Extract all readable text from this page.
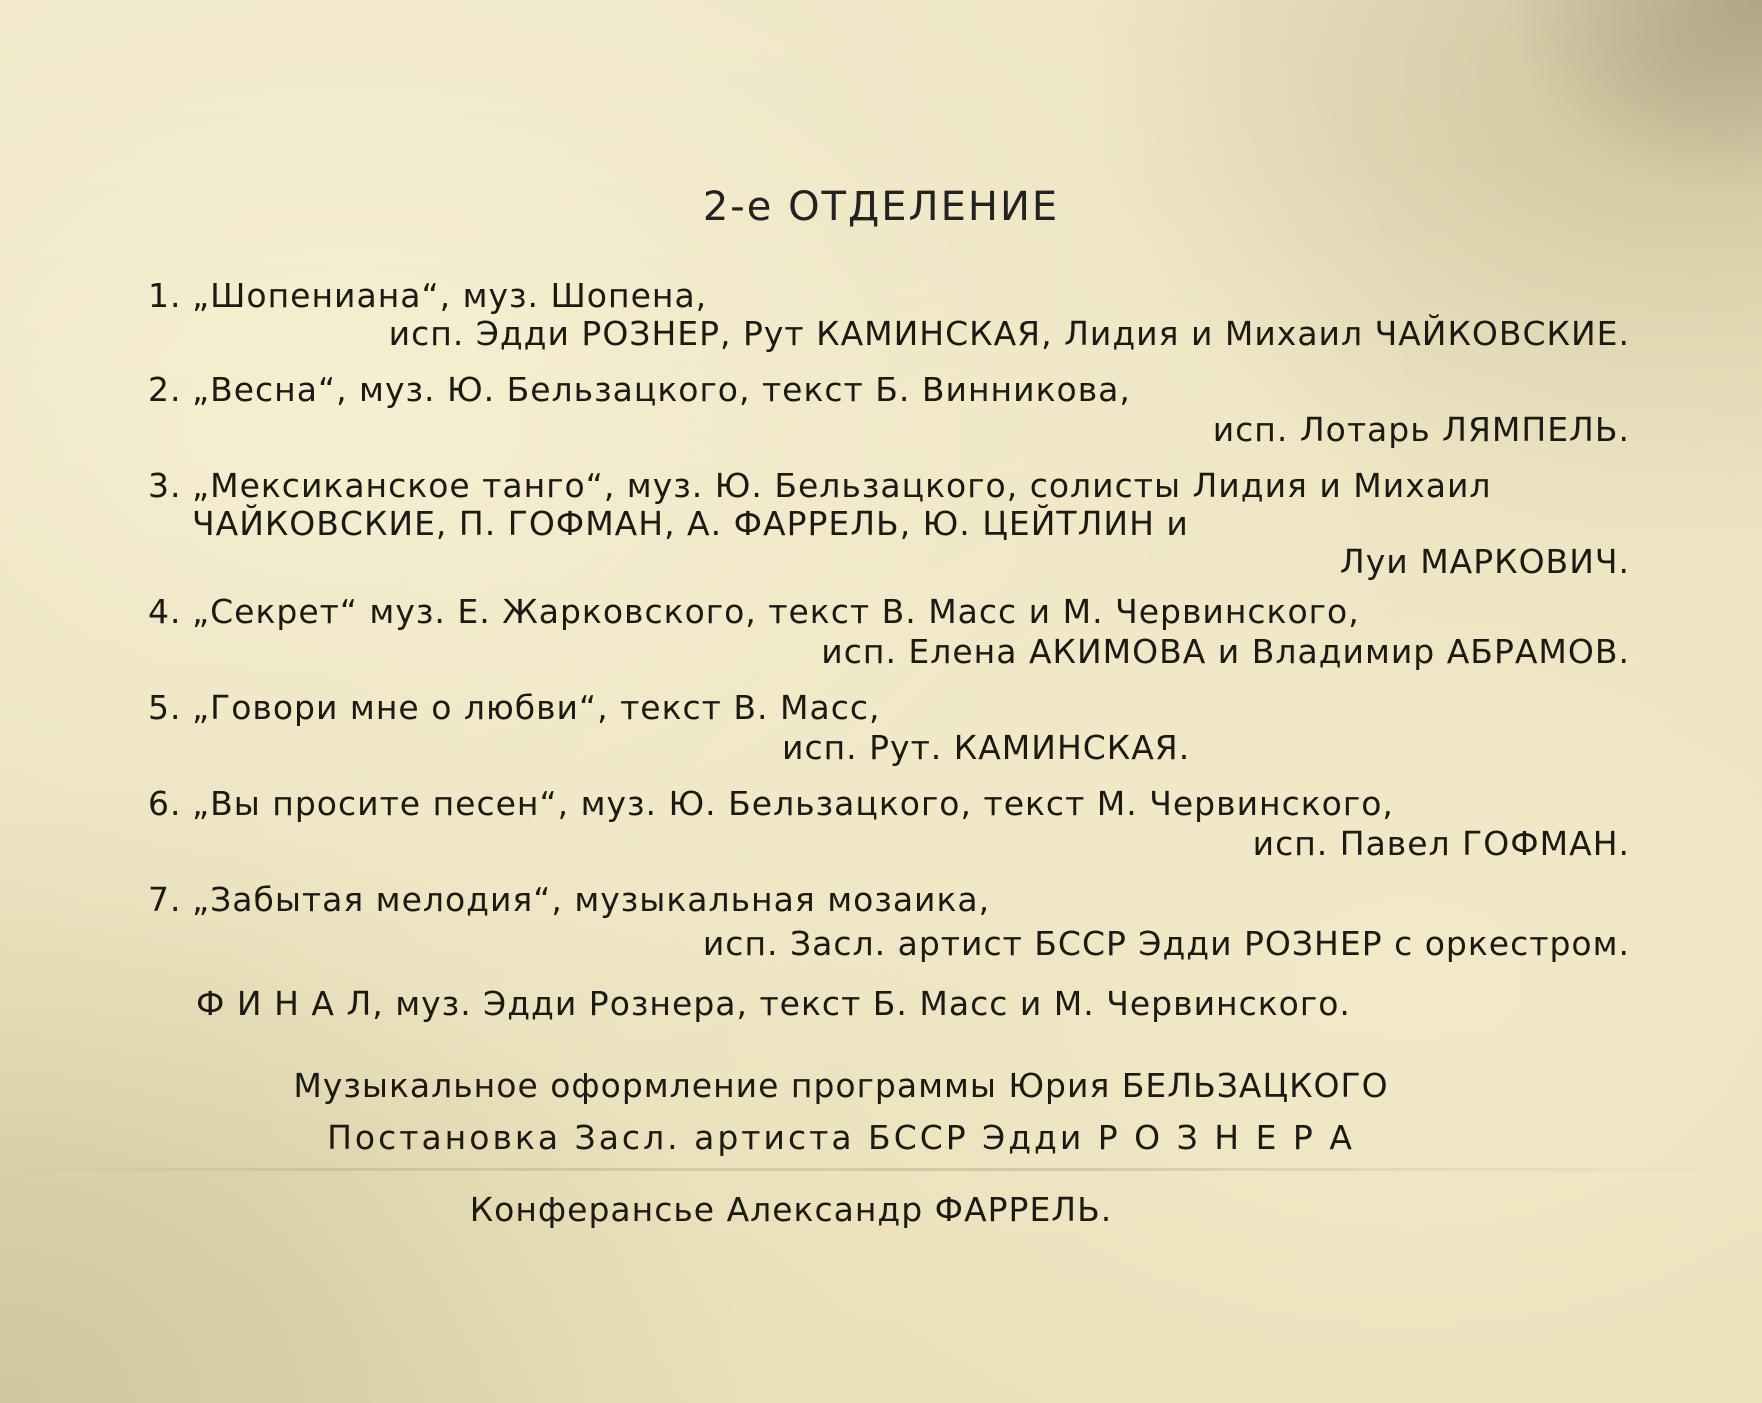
2-е ОТДЕЛЕНИЕ
1. „Шопениана“, муз. Шопена,
исп. Эдди РОЗНЕР, Рут КАМИНСКАЯ, Лидия и Михаил ЧАЙКОВСКИЕ.
2. „Весна“, муз. Ю. Бельзацкого, текст Б. Винникова,
исп. Лотарь ЛЯМПЕЛЬ.
3. „Мексиканское танго“, муз. Ю. Бельзацкого, солисты Лидия и Михаил
ЧАЙКОВСКИЕ, П. ГОФМАН, А. ФАРРЕЛЬ, Ю. ЦЕЙТЛИН и
Луи МАРКОВИЧ.
4. „Секрет“ муз. Е. Жарковского, текст В. Масс и М. Червинского,
исп. Елена АКИМОВА и Владимир АБРАМОВ.
5. „Говори мне о любви“, текст В. Масс,
исп. Рут. КАМИНСКАЯ.
6. „Вы просите песен“, муз. Ю. Бельзацкого, текст М. Червинского,
исп. Павел ГОФМАН.
7. „Забытая мелодия“, музыкальная мозаика,
исп. Засл. артист БССР Эдди РОЗНЕР с оркестром.
Ф И Н А Л, муз. Эдди Рознера, текст Б. Масс и М. Червинского.
Музыкальное оформление программы Юрия БЕЛЬЗАЦКОГО
Постановка Засл. артиста БССР Эдди Р О З Н Е Р А
Конферансье Александр ФАРРЕЛЬ.
